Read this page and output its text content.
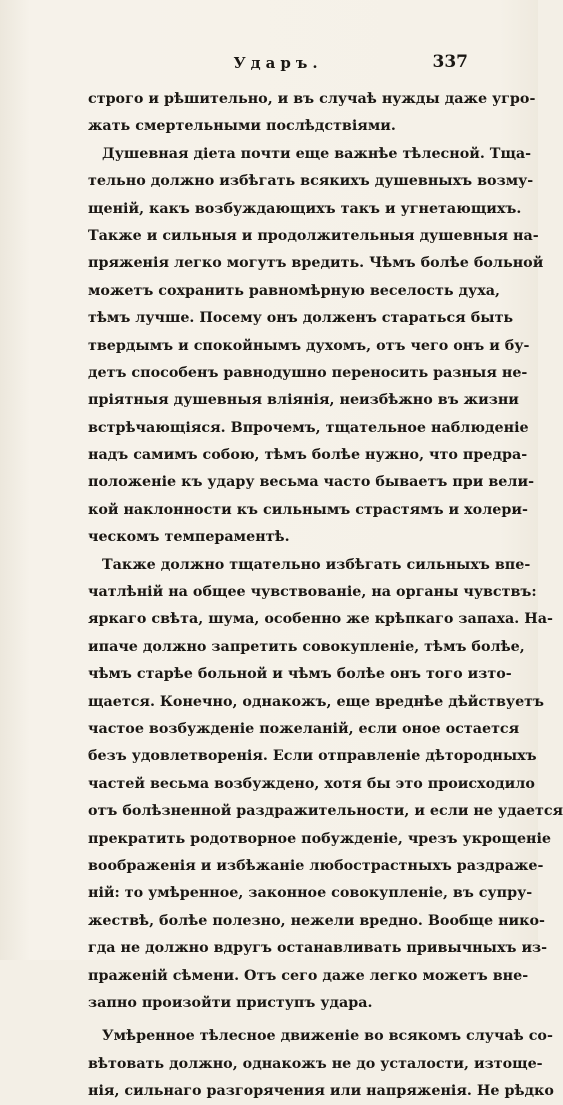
Ударъ.	337
строго и рѣшительно, и въ случаѣ нужды даже угро-
жать смертельными послѣдствіями.
Душевная діета почти еще важнѣе тѣлесной. Тща-
тельно должно избѣгать всякихъ душевныхъ возму-
щеній, какъ возбуждающихъ такъ и угнетающихъ.
Также и сильныя и продолжительныя душевныя на-
пряженія легко могутъ вредить. Чѣмъ болѣе больной
можетъ сохранить равномѣрную веселость духа,
тѣмъ лучше. Посему онъ долженъ стараться быть
твердымъ и спокойнымъ духомъ, отъ чего онъ и бу-
детъ способенъ равнодушно переносить разныя не-
пріятныя душевныя вліянія, неизбѣжно въ жизни
встрѣчающіяся. Впрочемъ, тщательное наблюденіе
надъ самимъ собою, тѣмъ болѣе нужно, что предра-
положеніе къ удару весьма часто бываетъ при вели-
кой наклонности къ сильнымъ страстямъ и холери-
ческомъ темпераментѣ.
Также должно тщательно избѣгать сильныхъ впе-
чатлѣній на общее чувствованіе, на органы чувствъ:
яркаго свѣта, шума, особенно же крѣпкаго запаха. На-
ипаче должно запретить совокупленіе, тѣмъ болѣе,
чѣмъ старѣе больной и чѣмъ болѣе онъ того изто-
щается. Конечно, однакожъ, еще вреднѣе дѣйствуетъ
частое возбужденіе пожеланій, если оное остается
безъ удовлетворенія. Если отправленіе дѣтородныхъ
частей весьма возбуждено, хотя бы это происходило
отъ болѣзненной раздражительности, и если не удается
прекратить родотворное побужденіе, чрезъ укрощеніе
воображенія и избѣжаніе любострастныхъ раздраже-
ній: то умѣренное, законное совокупленіе, въ супру-
жествѣ, болѣе полезно, нежели вредно. Вообще нико-
гда не должно вдругъ останавливать привычныхъ из-
праженій сѣмени. Отъ сего даже легко можетъ вне-
запно произойти приступъ удара.
Умѣренное тѣлесное движеніе во всякомъ случаѣ со-
вѣтовать должно, однакожъ не до усталости, изтоще-
нія, сильнаго разгорячения или напряженія. Не рѣдко
